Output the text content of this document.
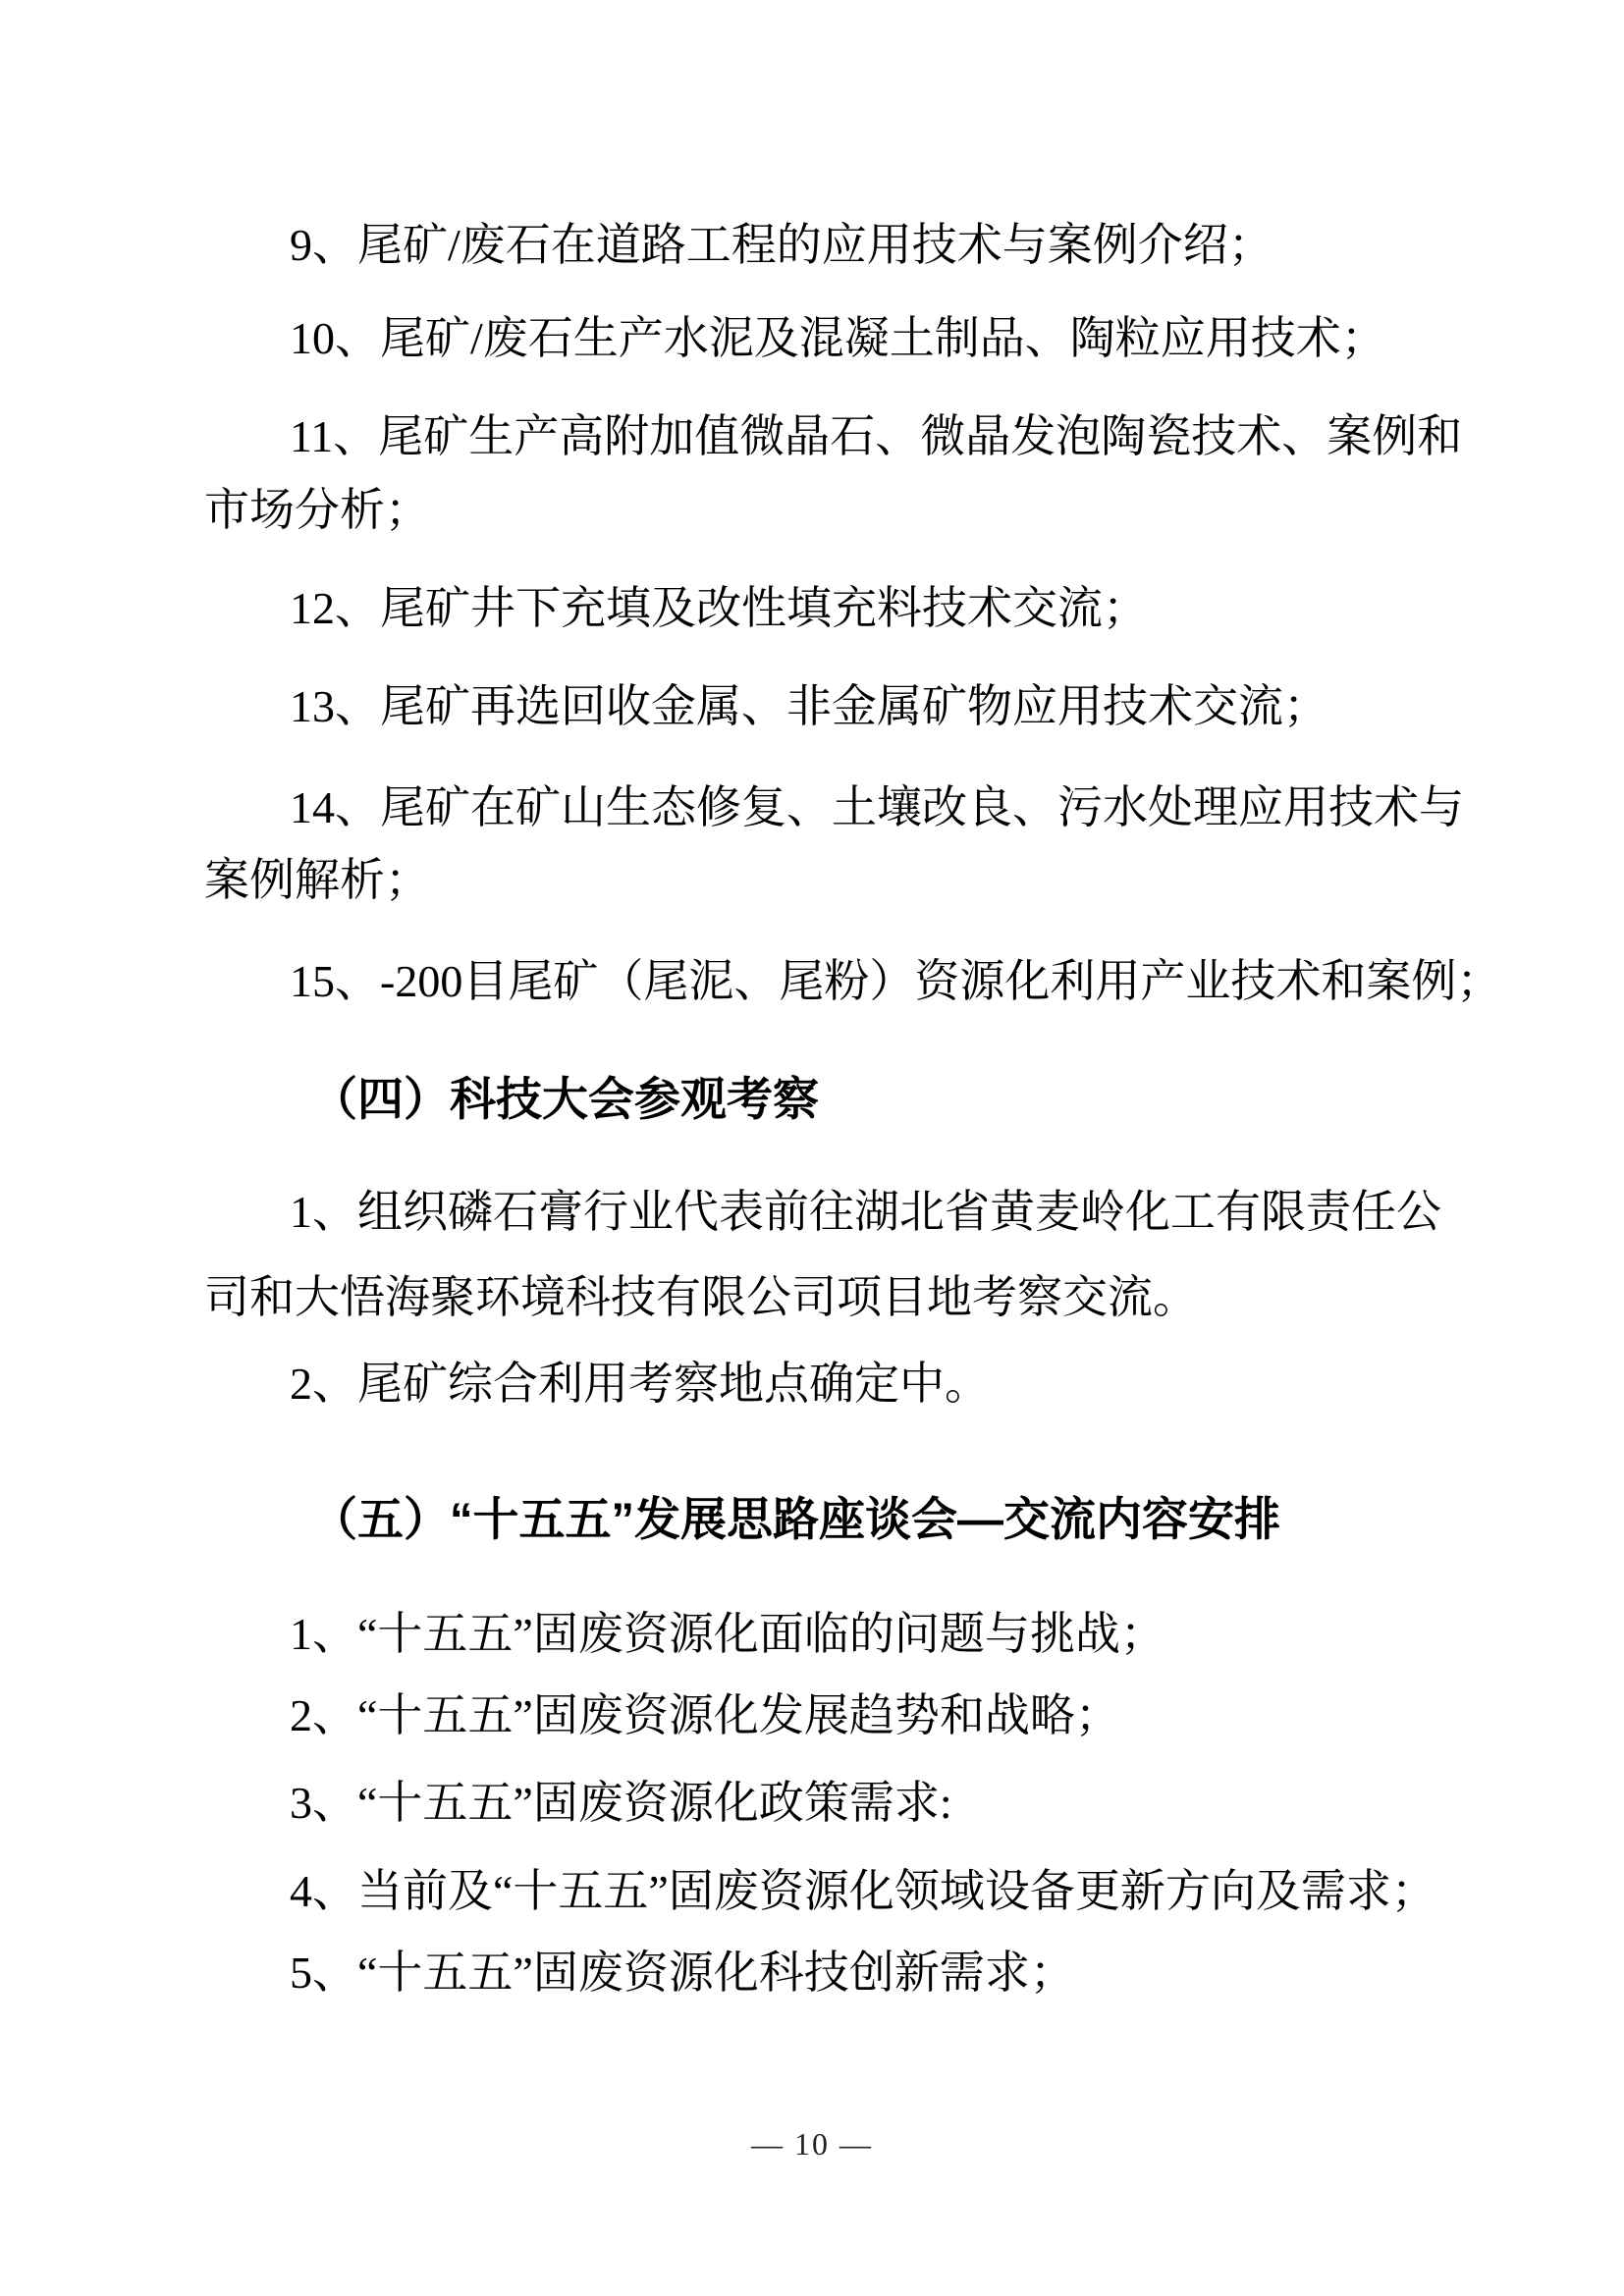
9、尾矿/废石在道路工程的应用技术与案例介绍；
10、尾矿/废石生产水泥及混凝土制品、陶粒应用技术；
11、尾矿生产高附加值微晶石、微晶发泡陶瓷技术、案例和
市场分析；
12、尾矿井下充填及改性填充料技术交流；
13、尾矿再选回收金属、非金属矿物应用技术交流；
14、尾矿在矿山生态修复、土壤改良、污水处理应用技术与
案例解析；
15、-200目尾矿（尾泥、尾粉）资源化利用产业技术和案例；
（四）科技大会参观考察
1、组织磷石膏行业代表前往湖北省黄麦岭化工有限责任公
司和大悟海聚环境科技有限公司项目地考察交流。
2、尾矿综合利用考察地点确定中。
（五）“十五五”发展思路座谈会—交流内容安排
1、“十五五”固废资源化面临的问题与挑战；
2、“十五五”固废资源化发展趋势和战略；
3、“十五五”固废资源化政策需求:
4、当前及“十五五”固废资源化领域设备更新方向及需求；
5、“十五五”固废资源化科技创新需求；
— 10 —
